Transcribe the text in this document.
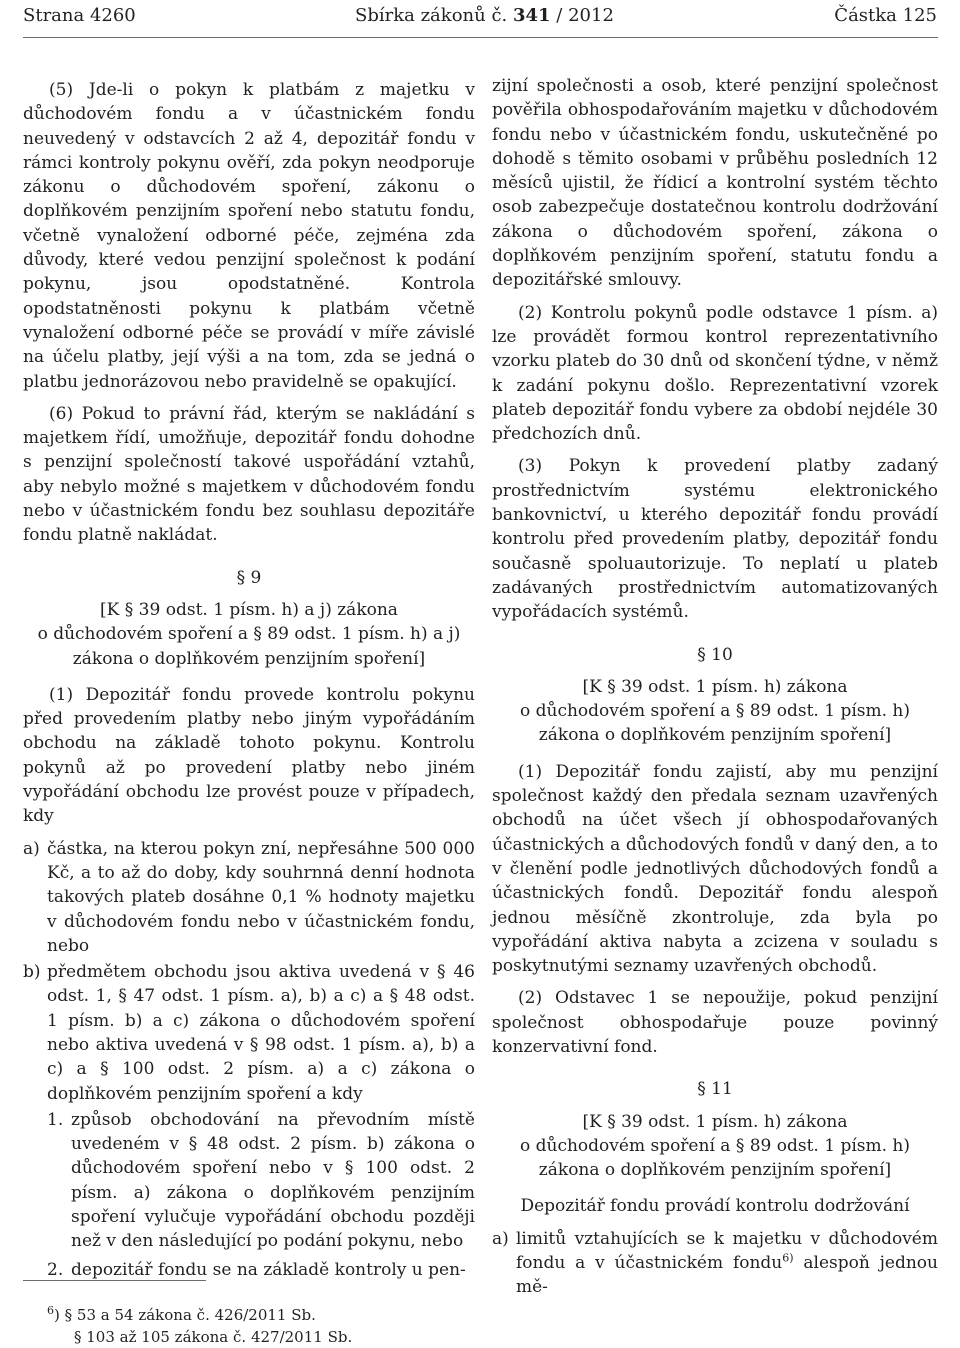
Strana 4260	Sbírka zákonů č. 341 / 2012	Částka 125

(5) Jde-li o pokyn k platbám z majetku v důchodovém fondu a v účastnickém fondu neuvedený v odstavcích 2 až 4, depozitář fondu v rámci kontroly pokynu ověří, zda pokyn neodporuje zákonu o důchodovém spoření, zákonu o doplňkovém penzijním spoření nebo statutu fondu, včetně vynaložení odborné péče, zejména zda důvody, které vedou penzijní společnost k podání pokynu, jsou opodstatněné. Kontrola opodstatněnosti pokynu k platbám včetně vynaložení odborné péče se provádí v míře závislé na účelu platby, její výši a na tom, zda se jedná o platbu jednorázovou nebo pravidelně se opakující.

(6) Pokud to právní řád, kterým se nakládání s majetkem řídí, umožňuje, depozitář fondu dohodne s penzijní společností takové uspořádání vztahů, aby nebylo možné s majetkem v důchodovém fondu nebo v účastnickém fondu bez souhlasu depozitáře fondu platně nakládat.

§ 9
[K § 39 odst. 1 písm. h) a j) zákona
o důchodovém spoření a § 89 odst. 1 písm. h) a j)
zákona o doplňkovém penzijním spoření]

(1) Depozitář fondu provede kontrolu pokynu před provedením platby nebo jiným vypořádáním obchodu na základě tohoto pokynu. Kontrolu pokynů až po provedení platby nebo jiném vypořádání obchodu lze provést pouze v případech, kdy

a) částka, na kterou pokyn zní, nepřesáhne 500 000 Kč, a to až do doby, kdy souhrnná denní hodnota takových plateb dosáhne 0,1 % hodnoty majetku v důchodovém fondu nebo v účastnickém fondu, nebo
b) předmětem obchodu jsou aktiva uvedená v § 46 odst. 1, § 47 odst. 1 písm. a), b) a c) a § 48 odst. 1 písm. b) a c) zákona o důchodovém spoření nebo aktiva uvedená v § 98 odst. 1 písm. a), b) a c) a § 100 odst. 2 písm. a) a c) zákona o doplňkovém penzijním spoření a kdy
1. způsob obchodování na převodním místě uvedeném v § 48 odst. 2 písm. b) zákona o důchodovém spoření nebo v § 100 odst. 2 písm. a) zákona o doplňkovém penzijním spoření vylučuje vypořádání obchodu později než v den následující po podání pokynu, nebo
2. depozitář fondu se na základě kontroly u pen-

zijní společnosti a osob, které penzijní společnost pověřila obhospodařováním majetku v důchodovém fondu nebo v účastnickém fondu, uskutečněné po dohodě s těmito osobami v průběhu posledních 12 měsíců ujistil, že řídicí a kontrolní systém těchto osob zabezpečuje dostatečnou kontrolu dodržování zákona o důchodovém spoření, zákona o doplňkovém penzijním spoření, statutu fondu a depozitářské smlouvy.

(2) Kontrolu pokynů podle odstavce 1 písm. a) lze provádět formou kontrol reprezentativního vzorku plateb do 30 dnů od skončení týdne, v němž k zadání pokynu došlo. Reprezentativní vzorek plateb depozitář fondu vybere za období nejdéle 30 předchozích dnů.

(3) Pokyn k provedení platby zadaný prostřednictvím systému elektronického bankovnictví, u kterého depozitář fondu provádí kontrolu před provedením platby, depozitář fondu současně spoluautorizuje. To neplatí u plateb zadávaných prostřednictvím automatizovaných vypořádacích systémů.

§ 10
[K § 39 odst. 1 písm. h) zákona
o důchodovém spoření a § 89 odst. 1 písm. h)
zákona o doplňkovém penzijním spoření]

(1) Depozitář fondu zajistí, aby mu penzijní společnost každý den předala seznam uzavřených obchodů na účet všech jí obhospodařovaných účastnických a důchodových fondů v daný den, a to v členění podle jednotlivých důchodových fondů a účastnických fondů. Depozitář fondu alespoň jednou měsíčně zkontroluje, zda byla po vypořádání aktiva nabyta a zcizena v souladu s poskytnutými seznamy uzavřených obchodů.

(2) Odstavec 1 se nepoužije, pokud penzijní společnost obhospodařuje pouze povinný konzervativní fond.

§ 11
[K § 39 odst. 1 písm. h) zákona
o důchodovém spoření a § 89 odst. 1 písm. h)
zákona o doplňkovém penzijním spoření]

Depozitář fondu provádí kontrolu dodržování

a) limitů vztahujících se k majetku v důchodovém fondu a v účastnickém fondu$^{6)}$ alespoň jednou mě-
$^6$) § 53 a 54 zákona č. 426/2011 Sb.
§ 103 až 105 zákona č. 427/2011 Sb.
